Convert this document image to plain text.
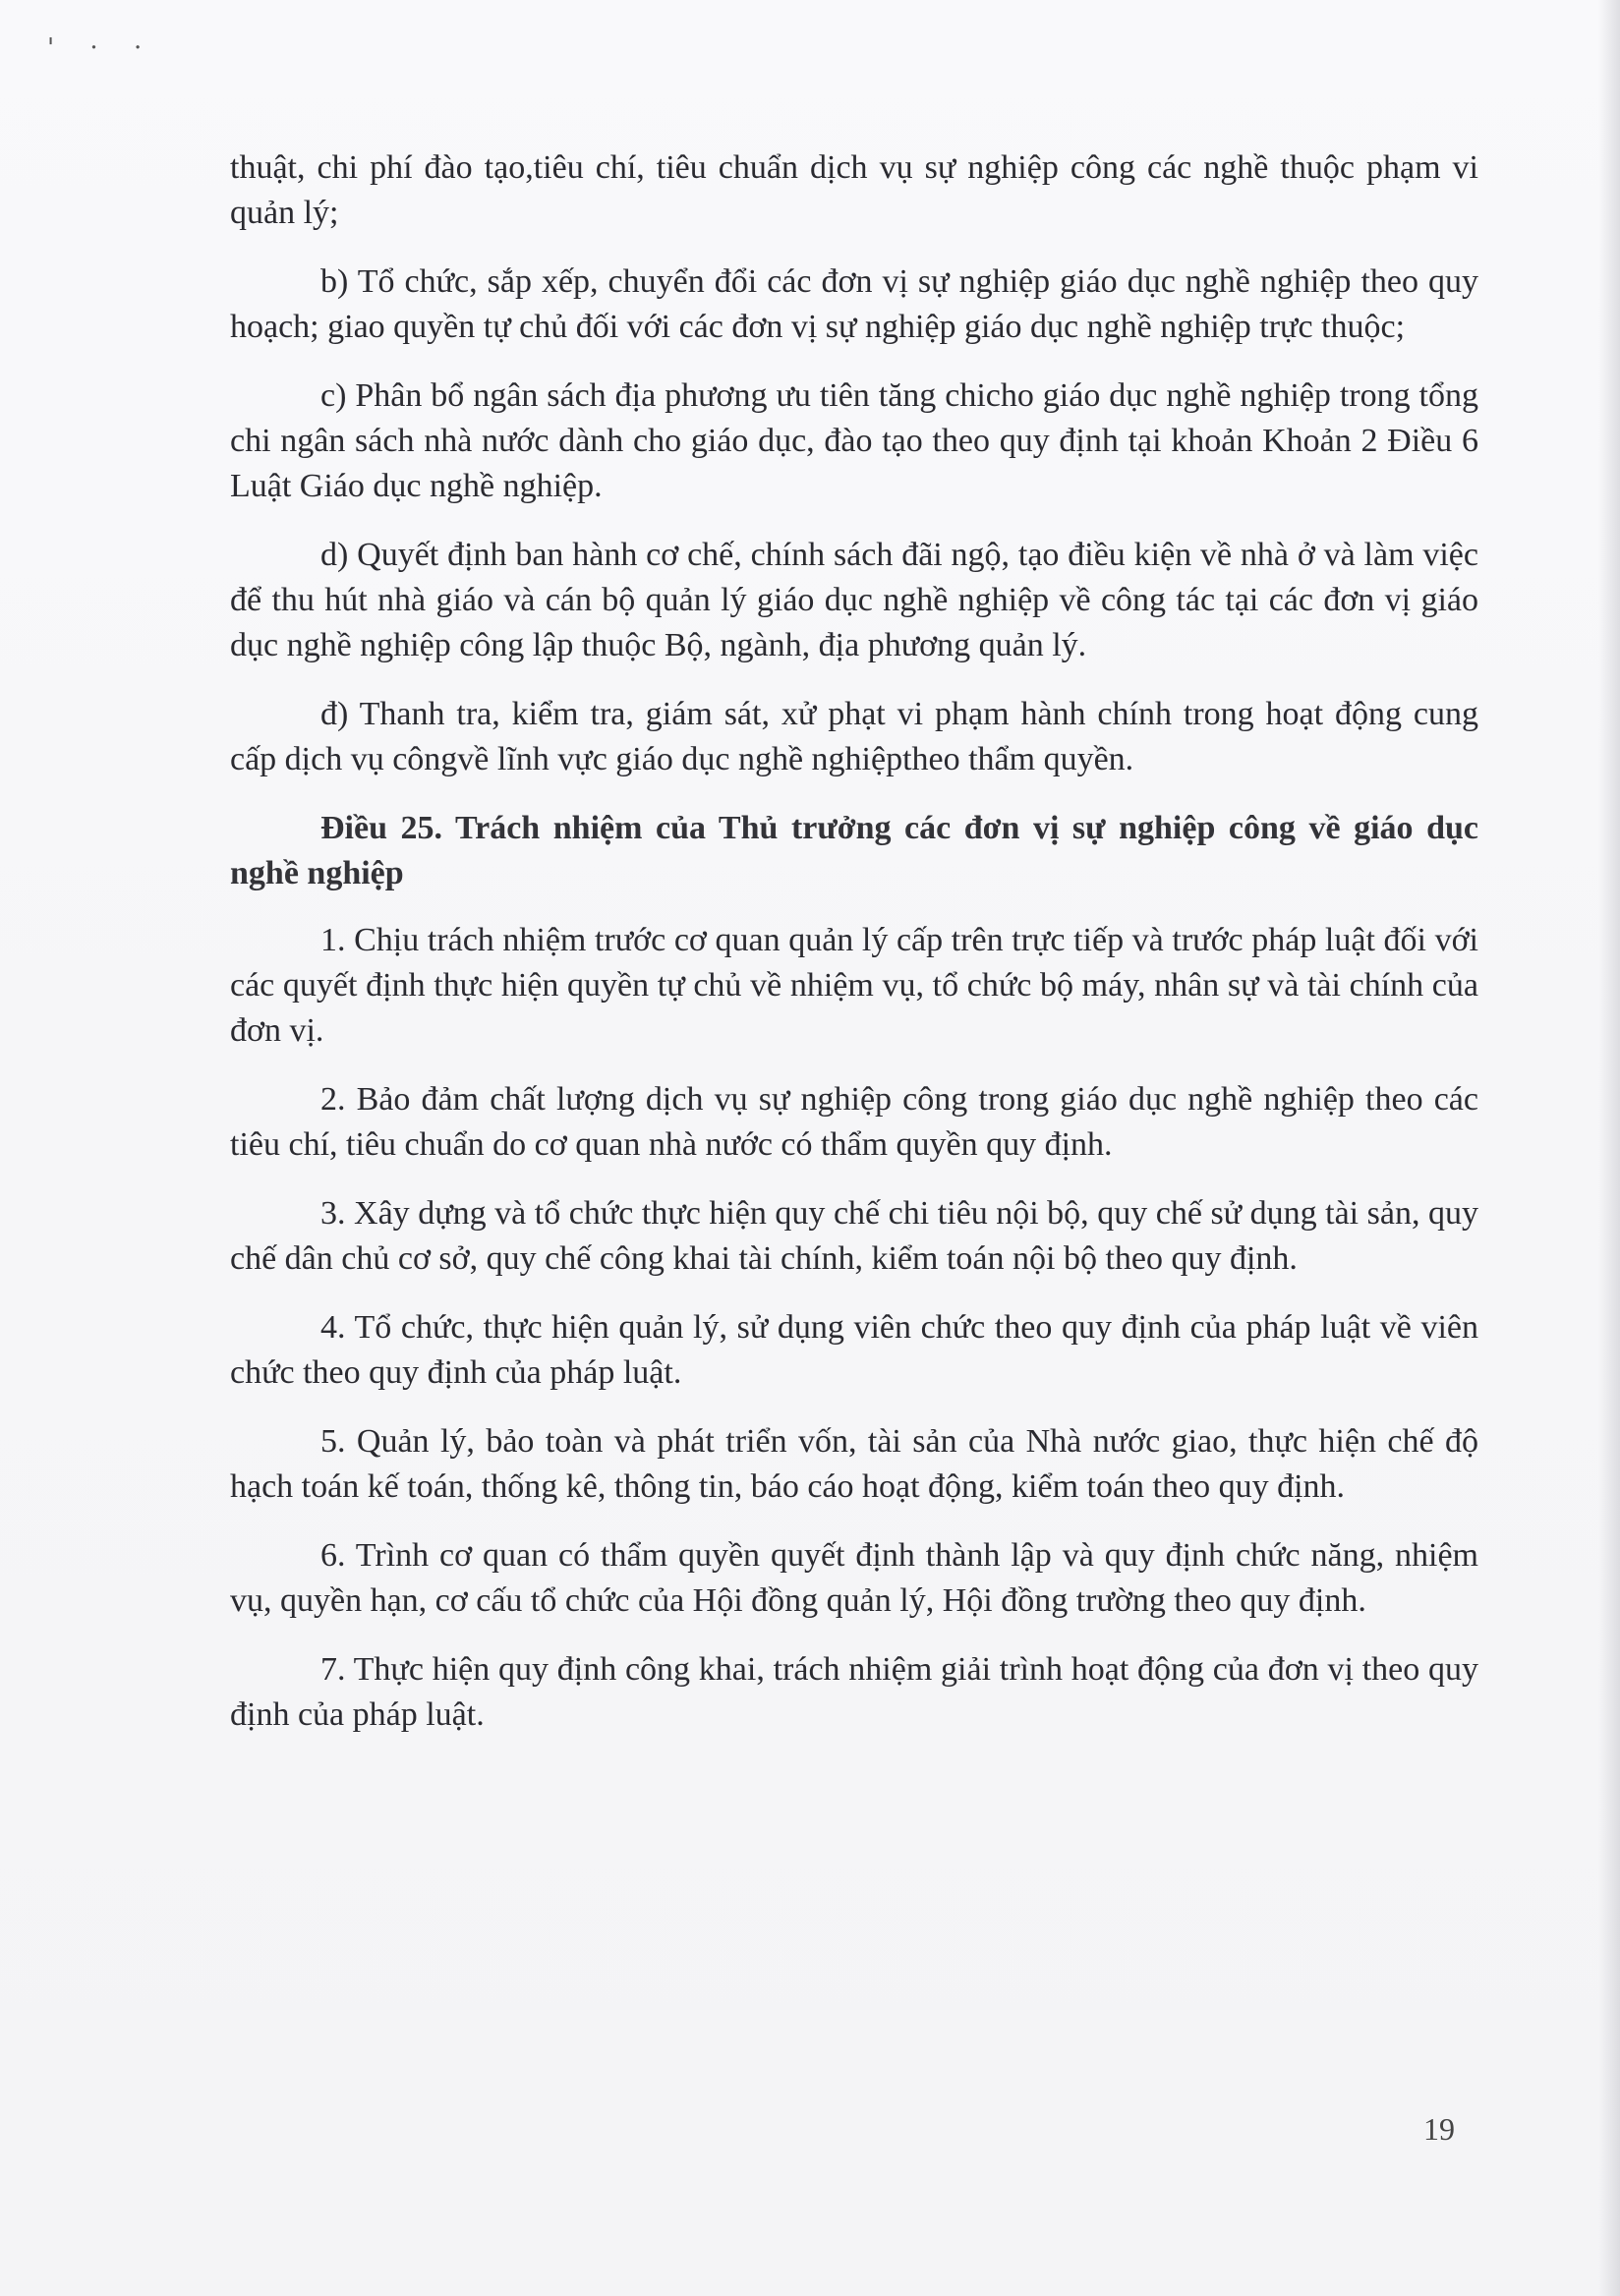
' · ·

thuật, chi phí đào tạo,tiêu chí, tiêu chuẩn dịch vụ sự nghiệp công các nghề thuộc phạm vi quản lý;

b) Tổ chức, sắp xếp, chuyển đổi các đơn vị sự nghiệp giáo dục nghề nghiệp theo quy hoạch; giao quyền tự chủ đối với các đơn vị sự nghiệp giáo dục nghề nghiệp trực thuộc;

c) Phân bổ ngân sách địa phương ưu tiên tăng chicho giáo dục nghề nghiệp trong tổng chi ngân sách nhà nước dành cho giáo dục, đào tạo theo quy định tại khoản Khoản 2 Điều 6 Luật Giáo dục nghề nghiệp.

d) Quyết định ban hành cơ chế, chính sách đãi ngộ, tạo điều kiện về nhà ở và làm việc để thu hút nhà giáo và cán bộ quản lý giáo dục nghề nghiệp về công tác tại các đơn vị giáo dục nghề nghiệp công lập thuộc Bộ, ngành, địa phương quản lý.

đ) Thanh tra, kiểm tra, giám sát, xử phạt vi phạm hành chính trong hoạt động cung cấp dịch vụ côngvề lĩnh vực giáo dục nghề nghiệptheo thẩm quyền.

Điều 25. Trách nhiệm của Thủ trưởng các đơn vị sự nghiệp công về giáo dục nghề nghiệp

1. Chịu trách nhiệm trước cơ quan quản lý cấp trên trực tiếp và trước pháp luật đối với các quyết định thực hiện quyền tự chủ về nhiệm vụ, tổ chức bộ máy, nhân sự và tài chính của đơn vị.

2. Bảo đảm chất lượng dịch vụ sự nghiệp công trong giáo dục nghề nghiệp theo các tiêu chí, tiêu chuẩn do cơ quan nhà nước có thẩm quyền quy định.

3. Xây dựng và tổ chức thực hiện quy chế chi tiêu nội bộ, quy chế sử dụng tài sản, quy chế dân chủ cơ sở, quy chế công khai tài chính, kiểm toán nội bộ theo quy định.

4. Tổ chức, thực hiện quản lý, sử dụng viên chức theo quy định của pháp luật về viên chức theo quy định của pháp luật.

5. Quản lý, bảo toàn và phát triển vốn, tài sản của Nhà nước giao, thực hiện chế độ hạch toán kế toán, thống kê, thông tin, báo cáo hoạt động, kiểm toán theo quy định.

6. Trình cơ quan có thẩm quyền quyết định thành lập và quy định chức năng, nhiệm vụ, quyền hạn, cơ cấu tổ chức của Hội đồng quản lý, Hội đồng trường theo quy định.

7. Thực hiện quy định công khai, trách nhiệm giải trình hoạt động của đơn vị theo quy định của pháp luật.

19
